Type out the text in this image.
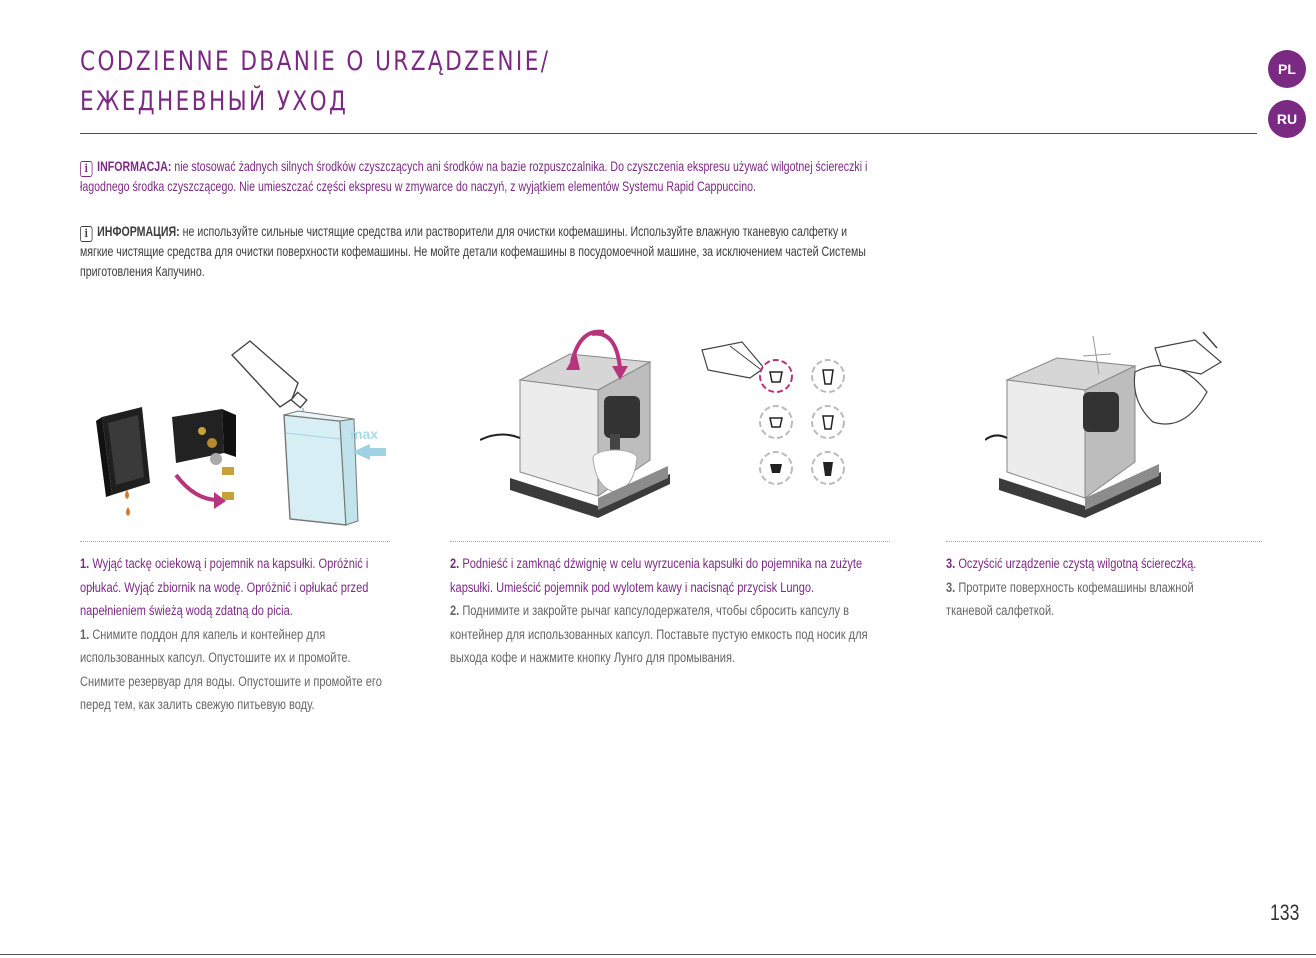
CODZIENNE DBANIE O URZĄDZENIE/
ЕЖЕДНЕВНЫЙ УХОД
PL
RU
i INFORMACJA: nie stosować żadnych silnych środków czyszczących ani środków na bazie rozpuszczalnika. Do czyszczenia ekspresu używać wilgotnej ściereczki i łagodnego środka czyszczącego. Nie umieszczać części ekspresu w zmywarce do naczyń, z wyjątkiem elementów Systemu Rapid Cappuccino.
i ИНФОРМАЦИЯ: не используйте сильные чистящие средства или растворители для очистки кофемашины. Используйте влажную тканевую салфетку и мягкие чистящие средства для очистки поверхности кофемашины. Не мойте детали кофемашины в посудомоечной машине, за исключением частей Системы приготовления Капучино.
max

1. Wyjąć tackę ociekową i pojemnik na kapsułki. Opróżnić i opłukać. Wyjąć zbiornik na wodę. Opróżnić i opłukać przed napełnieniem świeżą wodą zdatną do picia.

1. Снимите поддон для капель и контейнер для использованных капсул. Опустошите их и промойте. Снимите резервуар для воды. Опустошите и промойте его перед тем, как залить свежую питьевую воду.

2. Podnieść i zamknąć dźwignię w celu wyrzucenia kapsułki do pojemnika na zużyte kapsułki. Umieścić pojemnik pod wylotem kawy i nacisnąć przycisk Lungo.

2. Поднимите и закройте рычаг капсулодержателя, чтобы сбросить капсулу в контейнер для использованных капсул. Поставьте пустую емкость под носик для выхода кофе и нажмите кнопку Лунго для промывания.

3. Oczyścić urządzenie czystą wilgotną ściereczką.

3. Протрите поверхность кофемашины влажной тканевой салфеткой.

133
